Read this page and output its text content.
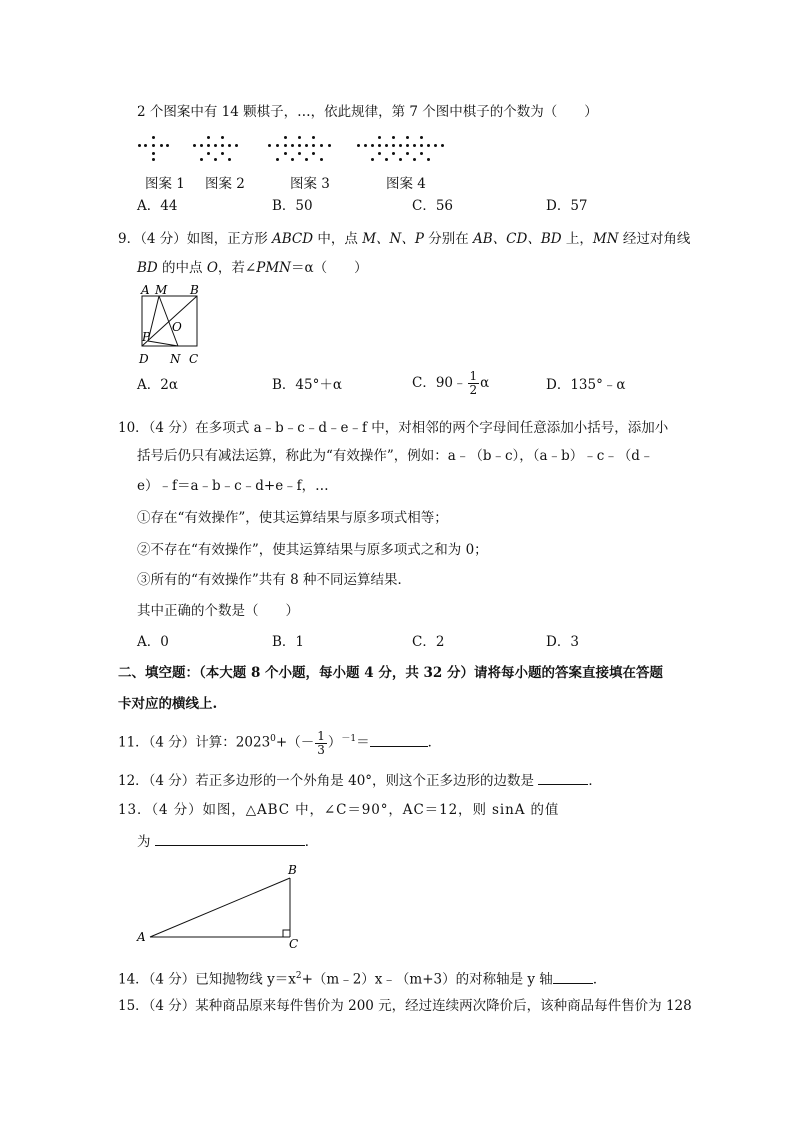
2 个图案中有 14 颗棋子，…，依此规律，第 7 个图中棋子的个数为（　　）
图案 1 图案 2	图案 3	图案 4
A．44	B．50	C．56	D．57
9．（4 分）如图，正方形 ABCD 中，点 M、N、P 分别在 AB、CD、BD 上，MN 经过对角线
BD 的中点 O，若∠PMN＝α（　　）
A M B
O
P
D N C
A．2α	B．45°＋α	C．90﹣ $\frac{1}{2}$ α	D．135°﹣α
10．（4 分）在多项式 a﹣b﹣c﹣d﹣e﹣f 中，对相邻的两个字母间任意添加小括号，添加小
括号后仍只有减法运算，称此为“有效操作”，例如：a﹣（b﹣c），（a﹣b）﹣c﹣（d﹣
e）﹣f＝a﹣b﹣c﹣d+e﹣f，…
①存在“有效操作”，使其运算结果与原多项式相等；
②不存在“有效操作”，使其运算结果与原多项式之和为 0；
③所有的“有效操作”共有 8 种不同运算结果．
其中正确的个数是（　　）
A．0	B．1	C．2	D．3
二、填空题：（本大题 8 个小题，每小题 4 分，共 32 分）请将每小题的答案直接填在答题
卡对应的横线上.
11．（4 分）计算：$2023^0+(- \frac{1}{3} )^{-1}=$	．
12．（4 分）若正多边形的一个外角是 40°，则这个正多边形的边数是	．
13．（4 分）如图，△ABC 中，∠C＝90°，AC＝12，则 sinA 的值
为	．
A
B
C
14．（4 分）已知抛物线 $y=x^2+(m﹣2)x﹣(m+3)$的对称轴是 y 轴	．
15．（4 分）某种商品原来每件售价为 200 元，经过连续两次降价后，该种商品每件售价为 128
